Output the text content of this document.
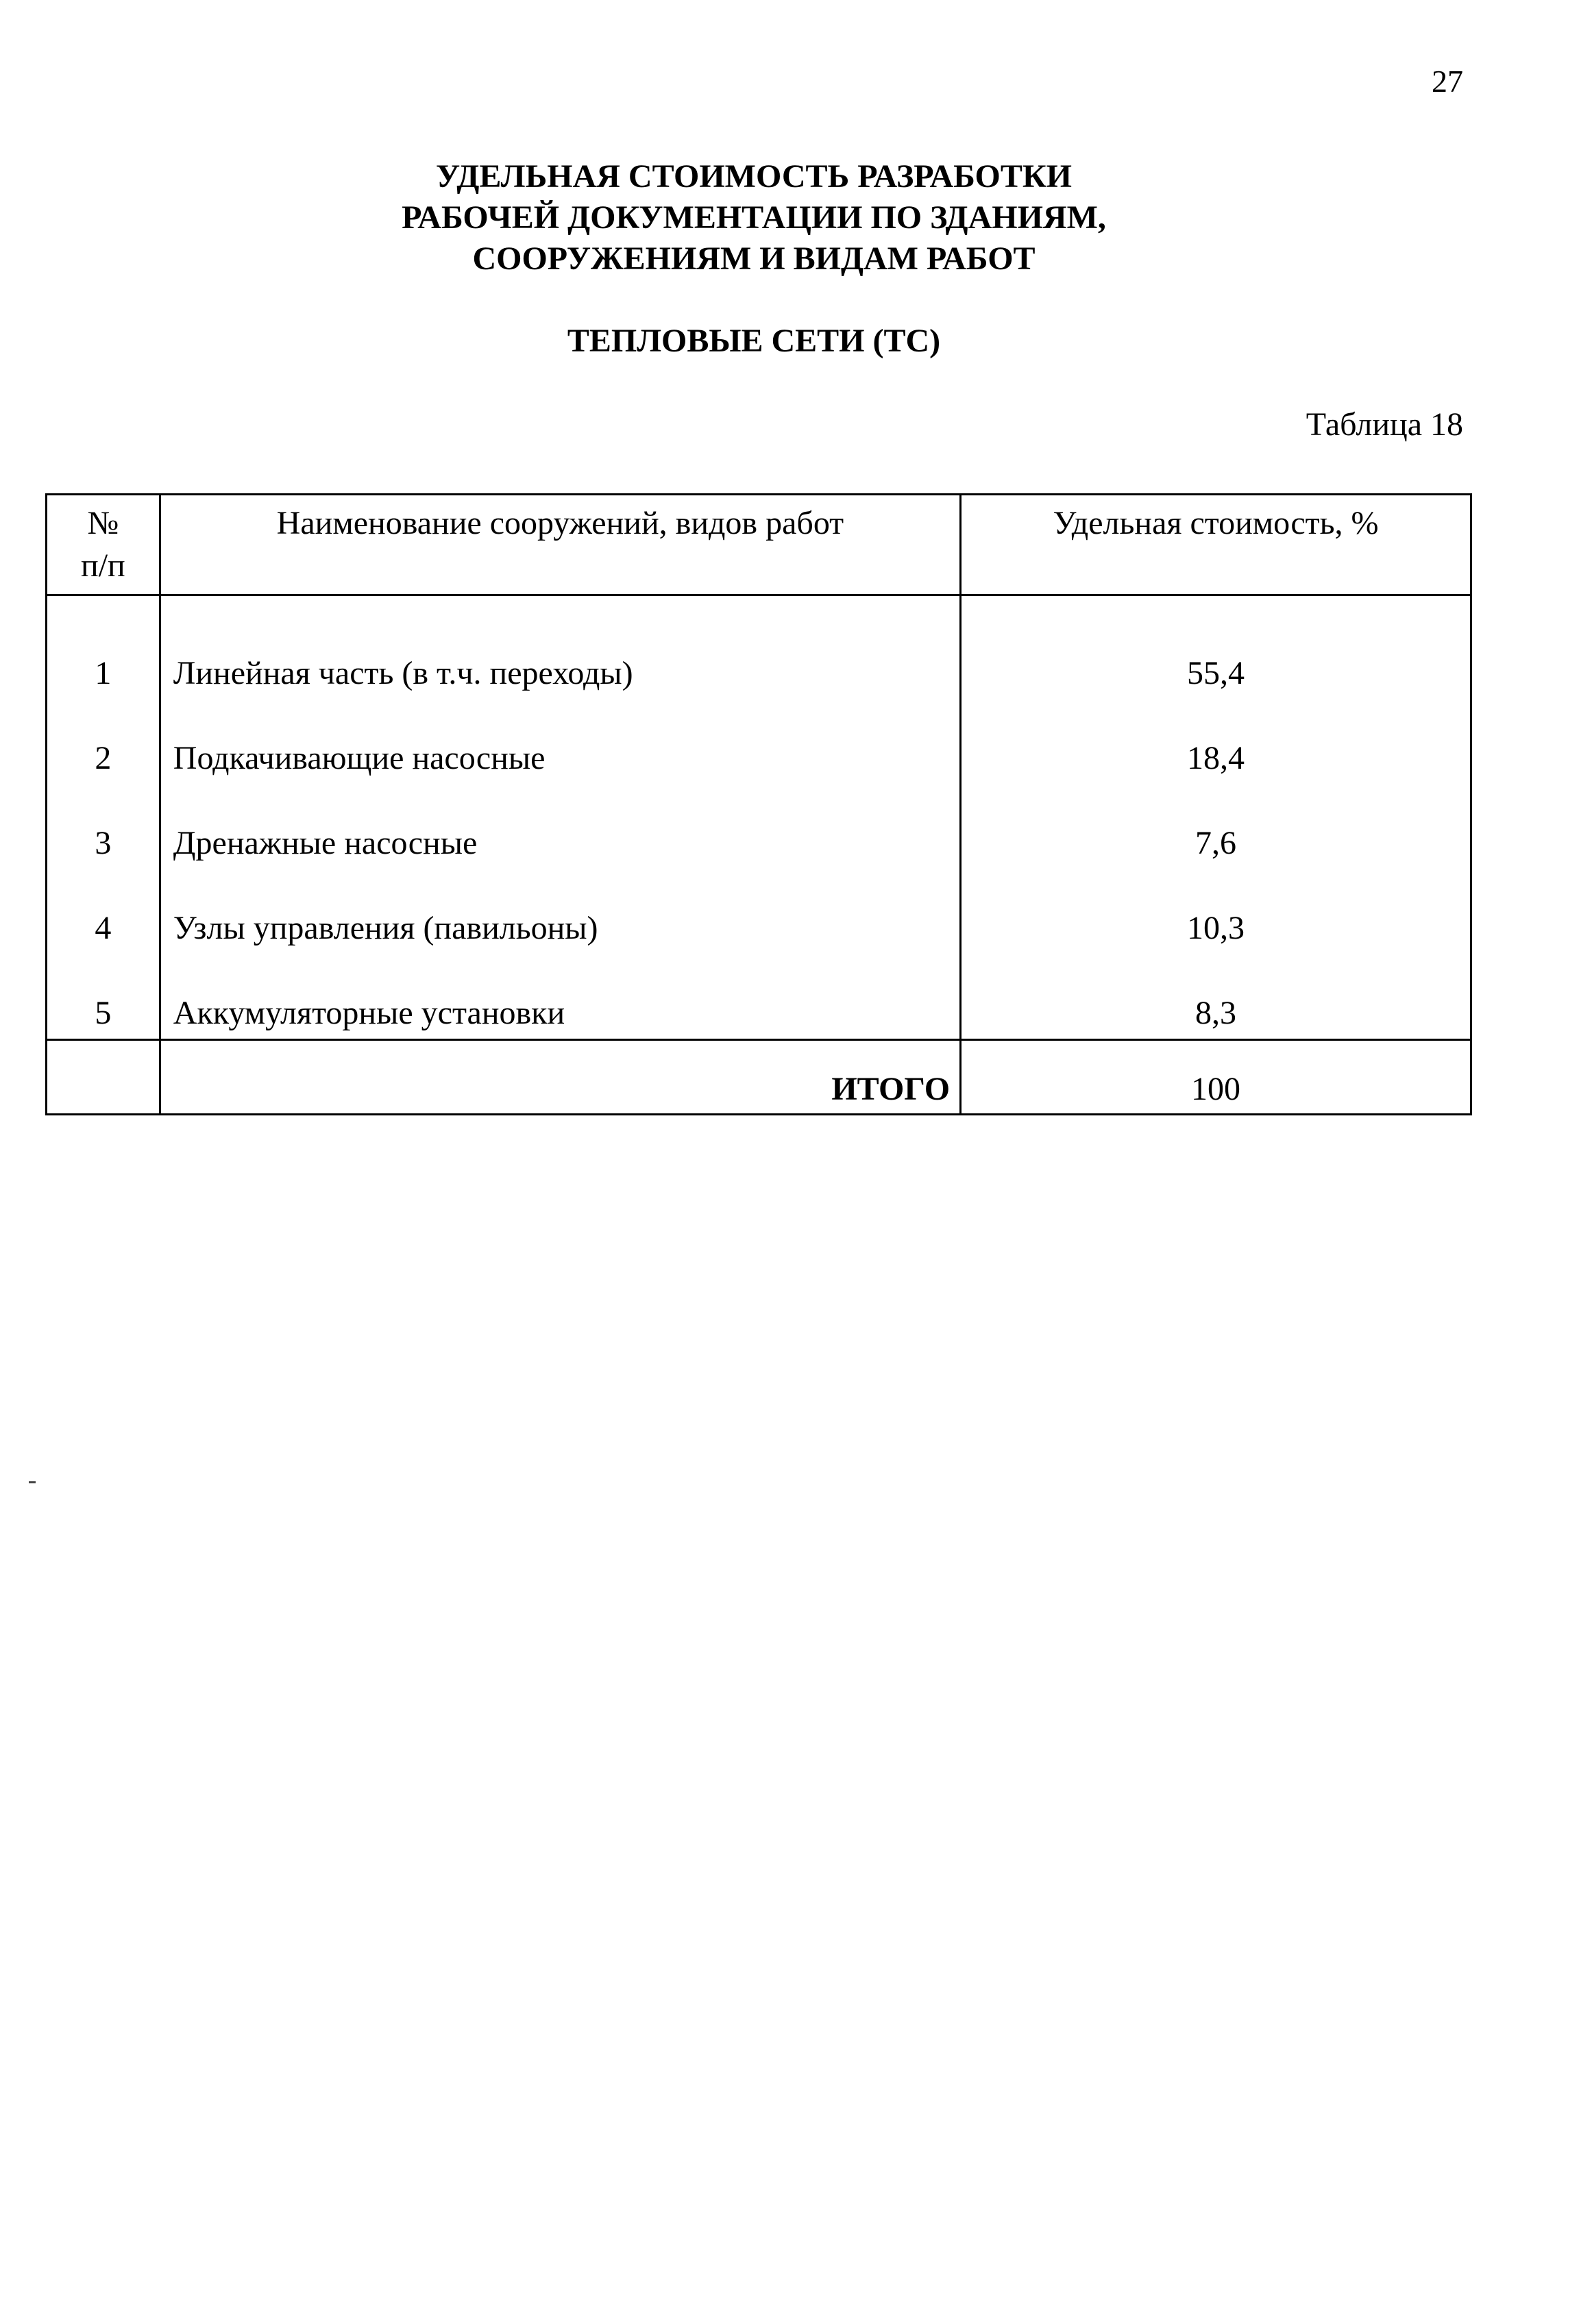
27
УДЕЛЬНАЯ СТОИМОСТЬ РАЗРАБОТКИ
РАБОЧЕЙ ДОКУМЕНТАЦИИ ПО ЗДАНИЯМ,
СООРУЖЕНИЯМ И ВИДАМ РАБОТ
ТЕПЛОВЫЕ СЕТИ (ТС)
Таблица 18
№
п/п	Наименование сооружений, видов работ	Удельная стоимость, %
1	Линейная часть (в т.ч. переходы)	55,4
2	Подкачивающие насосные	18,4
3	Дренажные насосные	7,6
4	Узлы управления (павильоны)	10,3
5	Аккумуляторные установки	8,3
	ИТОГО	100
